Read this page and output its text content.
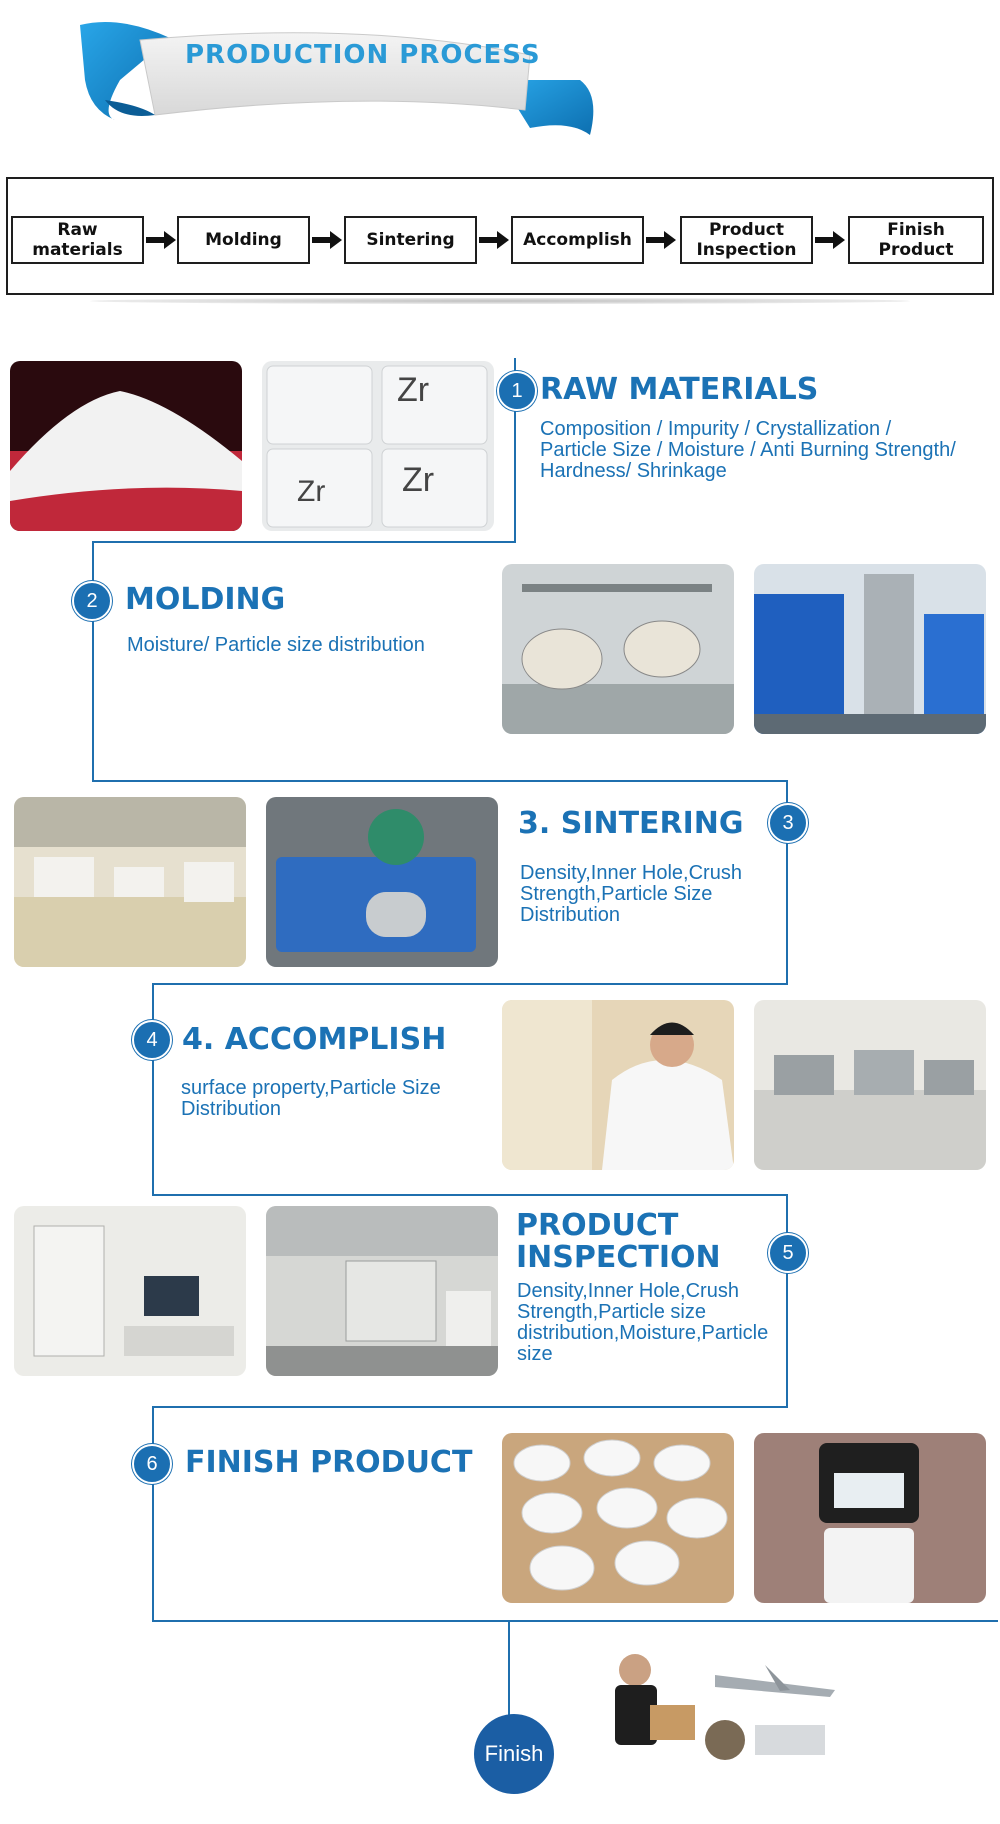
PRODUCTION PROCESS
Raw materials	Molding	Sintering	Accomplish	Product
Inspection
Finish Product
Zr
Zr Zr
1 RAW MATERIALS
Composition / Impurity / Crystallization /
Particle Size / Moisture / Anti Burning Strength/
Hardness/ Shrinkage
2 MOLDING
Moisture/ Particle size distribution
3. SINTERING	3
Density,Inner Hole,Crush
Strength,Particle Size
Distribution
4 4. ACCOMPLISH
surface property,Particle Size
Distribution
PRODUCT
INSPECTION	5
Density,Inner Hole,Crush
Strength,Particle size
distribution,Moisture,Particle
size
6 FINISH PRODUCT
Finish
